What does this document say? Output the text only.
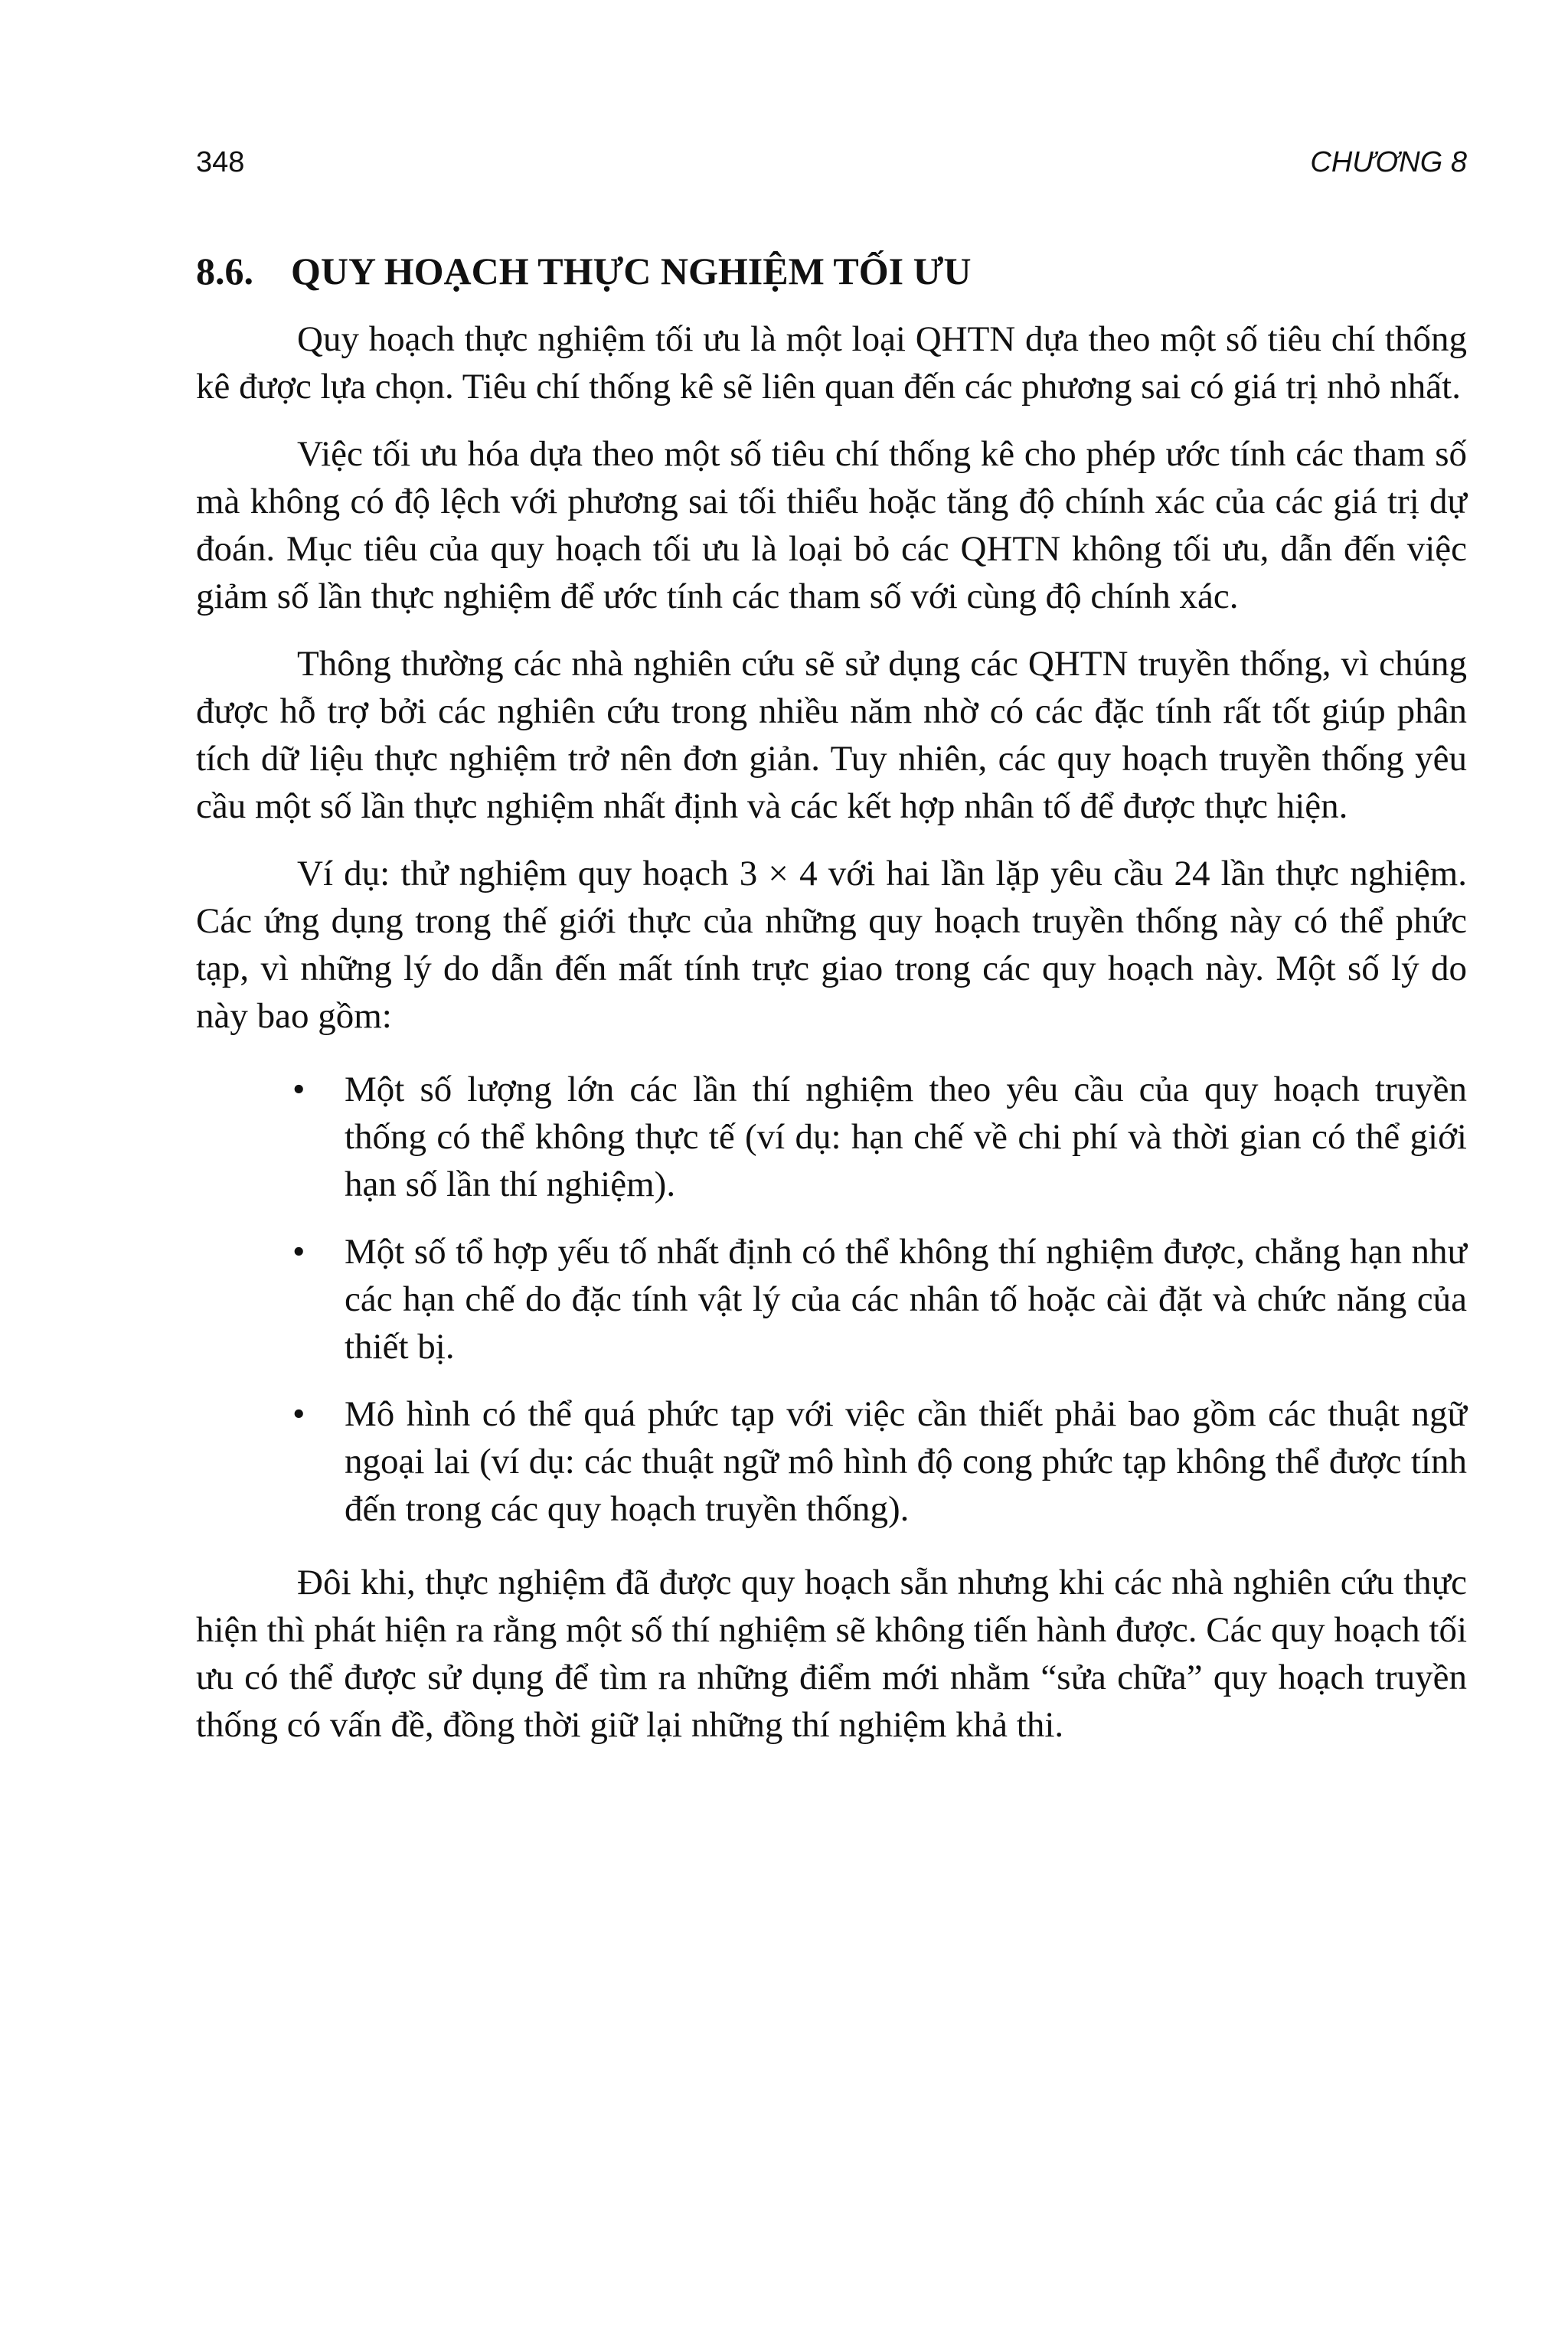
348	CHƯƠNG 8
8.6. QUY HOẠCH THỰC NGHIỆM TỐI ƯU

Quy hoạch thực nghiệm tối ưu là một loại QHTN dựa theo một số tiêu chí thống kê được lựa chọn. Tiêu chí thống kê sẽ liên quan đến các phương sai có giá trị nhỏ nhất.

Việc tối ưu hóa dựa theo một số tiêu chí thống kê cho phép ước tính các tham số mà không có độ lệch với phương sai tối thiểu hoặc tăng độ chính xác của các giá trị dự đoán. Mục tiêu của quy hoạch tối ưu là loại bỏ các QHTN không tối ưu, dẫn đến việc giảm số lần thực nghiệm để ước tính các tham số với cùng độ chính xác.

Thông thường các nhà nghiên cứu sẽ sử dụng các QHTN truyền thống, vì chúng được hỗ trợ bởi các nghiên cứu trong nhiều năm nhờ có các đặc tính rất tốt giúp phân tích dữ liệu thực nghiệm trở nên đơn giản. Tuy nhiên, các quy hoạch truyền thống yêu cầu một số lần thực nghiệm nhất định và các kết hợp nhân tố để được thực hiện.

Ví dụ: thử nghiệm quy hoạch 3 × 4 với hai lần lặp yêu cầu 24 lần thực nghiệm. Các ứng dụng trong thế giới thực của những quy hoạch truyền thống này có thể phức tạp, vì những lý do dẫn đến mất tính trực giao trong các quy hoạch này. Một số lý do này bao gồm:

• Một số lượng lớn các lần thí nghiệm theo yêu cầu của quy hoạch truyền thống có thể không thực tế (ví dụ: hạn chế về chi phí và thời gian có thể giới hạn số lần thí nghiệm).
• Một số tổ hợp yếu tố nhất định có thể không thí nghiệm được, chẳng hạn như các hạn chế do đặc tính vật lý của các nhân tố hoặc cài đặt và chức năng của thiết bị.
• Mô hình có thể quá phức tạp với việc cần thiết phải bao gồm các thuật ngữ ngoại lai (ví dụ: các thuật ngữ mô hình độ cong phức tạp không thể được tính đến trong các quy hoạch truyền thống).

Đôi khi, thực nghiệm đã được quy hoạch sẵn nhưng khi các nhà nghiên cứu thực hiện thì phát hiện ra rằng một số thí nghiệm sẽ không tiến hành được. Các quy hoạch tối ưu có thể được sử dụng để tìm ra những điểm mới nhằm “sửa chữa” quy hoạch truyền thống có vấn đề, đồng thời giữ lại những thí nghiệm khả thi.
